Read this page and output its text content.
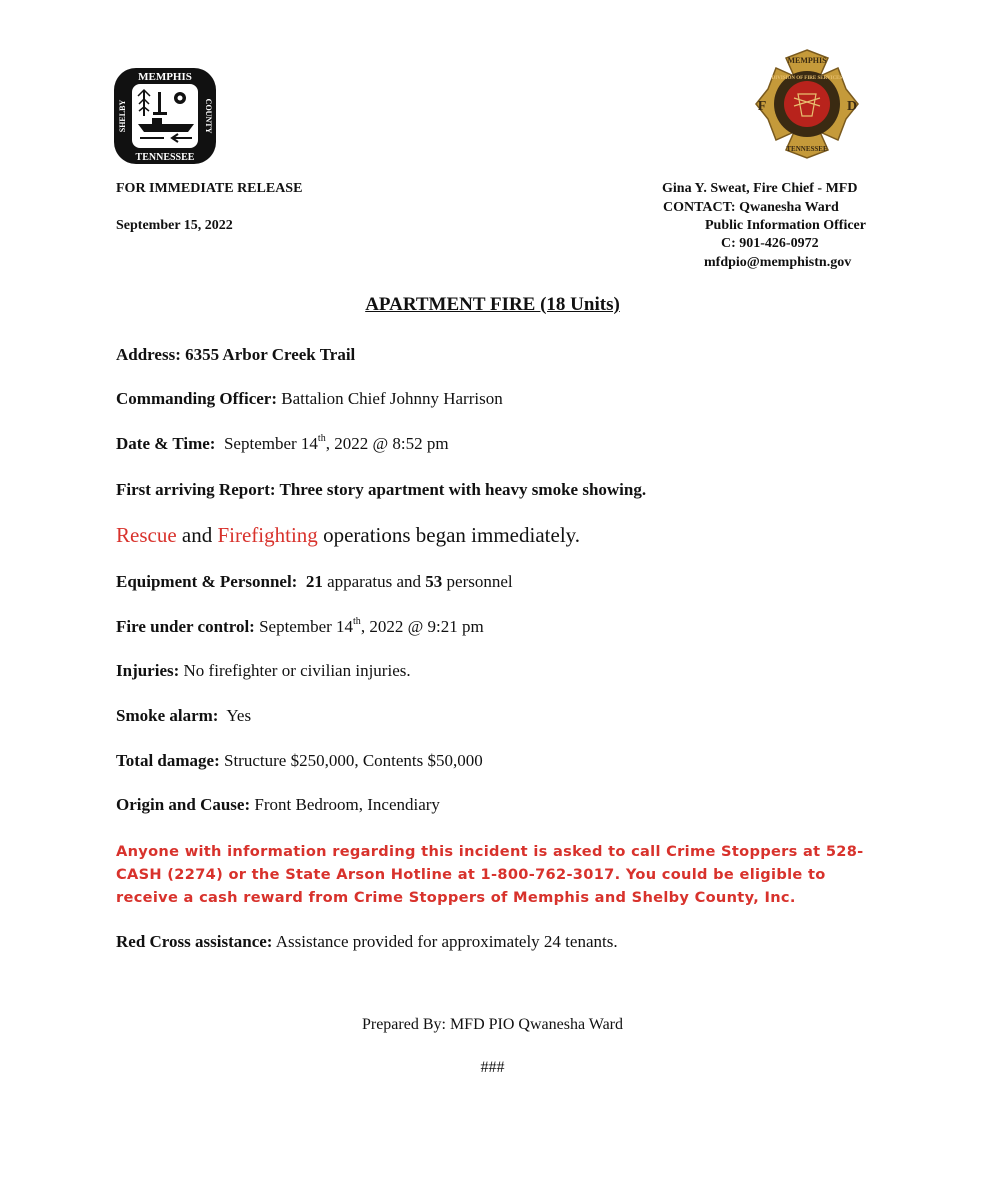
MEMPHIS
TENNESSEE
SHELBY	COUNTY
MEMPHIS
DIVISION OF FIRE SERVICES
TENNESSEE
F	D
FOR IMMEDIATE RELEASE
September 15, 2022
Gina Y. Sweat, Fire Chief - MFD
CONTACT: Qwanesha Ward
Public Information Officer
C: 901-426-0972
mfdpio@memphistn.gov
APARTMENT FIRE (18 Units)
Address: 6355 Arbor Creek Trail
Commanding Officer: Battalion Chief Johnny Harrison
Date & Time:  September 14th, 2022 @ 8:52 pm
First arriving Report: Three story apartment with heavy smoke showing.
Rescue and Firefighting operations began immediately.
Equipment & Personnel: 21 apparatus and 53 personnel
Fire under control: September 14th, 2022 @ 9:21 pm
Injuries: No firefighter or civilian injuries.
Smoke alarm:  Yes
Total damage: Structure $250,000, Contents $50,000
Origin and Cause: Front Bedroom, Incendiary
Anyone with information regarding this incident is asked to call Crime Stoppers at 528-CASH (2274) or the State Arson Hotline at 1-800-762-3017. You could be eligible to receive a cash reward from Crime Stoppers of Memphis and Shelby County, Inc.
Red Cross assistance: Assistance provided for approximately 24 tenants.
Prepared By: MFD PIO Qwanesha Ward
###
